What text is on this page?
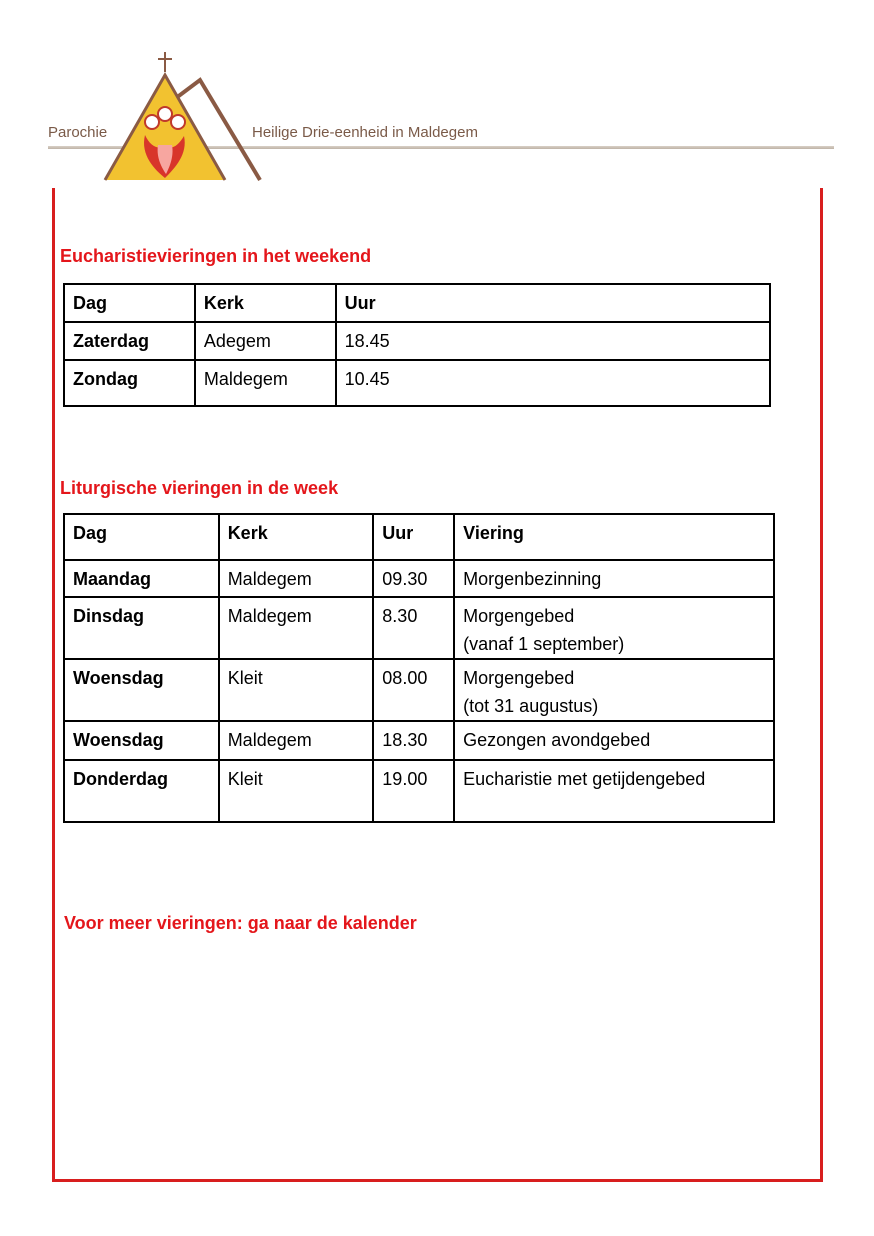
Parochie	Heilige Drie-eenheid in Maldegem
Eucharistievieringen in het weekend
Dag	Kerk	Uur
Zaterdag	Adegem	18.45
Zondag	Maldegem	10.45
Liturgische vieringen in de week
Dag	Kerk	Uur	Viering
Maandag	Maldegem	09.30	Morgenbezinning
Dinsdag	Maldegem	8.30	Morgengebed
(vanaf 1 september)

Woensdag	Kleit	08.00	Morgengebed
(tot 31 augustus)

Woensdag	Maldegem	18.30	Gezongen avondgebed
Donderdag	Kleit	19.00	Eucharistie met getijdengebed
Voor meer vieringen: ga naar de kalender
